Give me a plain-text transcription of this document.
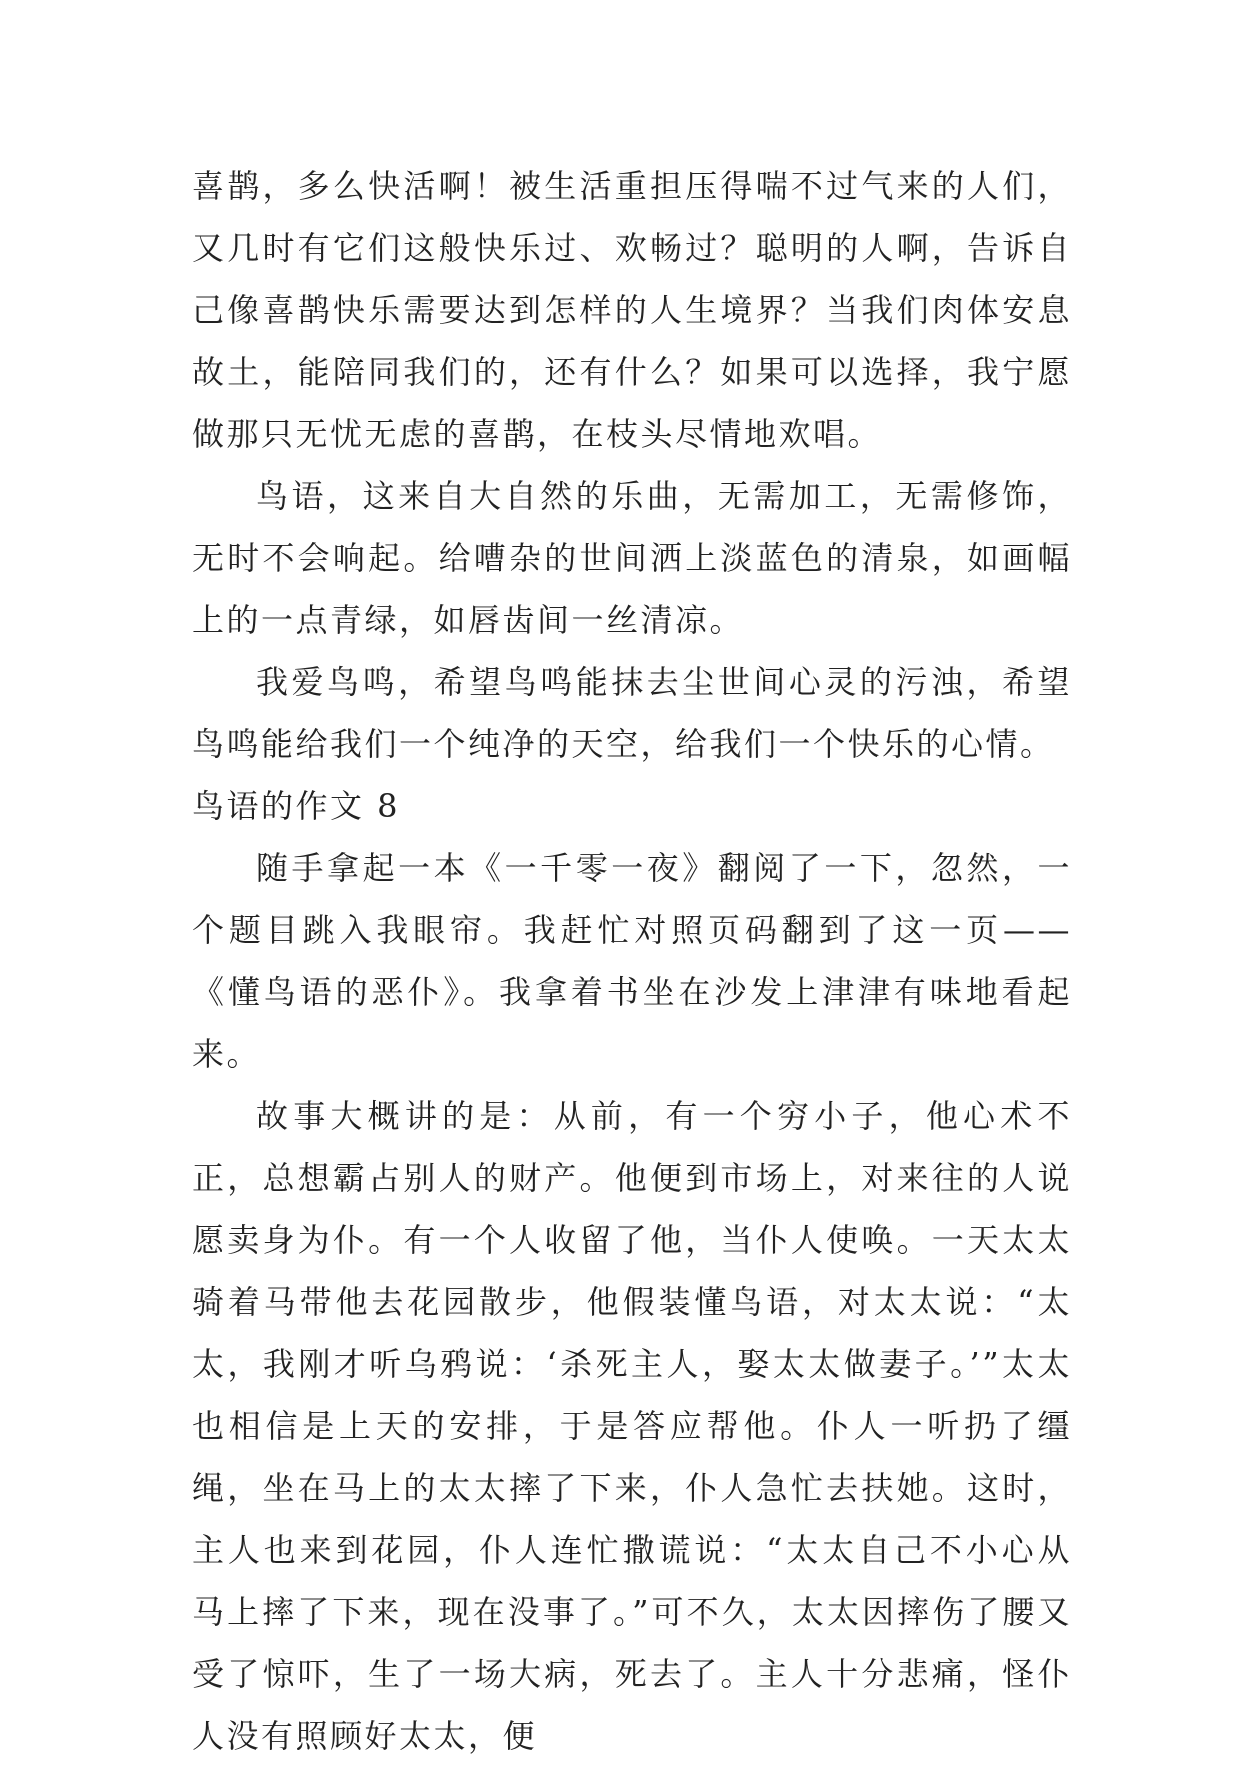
喜鹊，多么快活啊！被生活重担压得喘不过气来的人们，又几时有它们这般快乐过、欢畅过？聪明的人啊，告诉自己像喜鹊快乐需要达到怎样的人生境界？当我们肉体安息故土，能陪同我们的，还有什么？如果可以选择，我宁愿做那只无忧无虑的喜鹊，在枝头尽情地欢唱。

鸟语，这来自大自然的乐曲，无需加工，无需修饰，无时不会响起。给嘈杂的世间洒上淡蓝色的清泉，如画幅上的一点青绿，如唇齿间一丝清凉。

我爱鸟鸣，希望鸟鸣能抹去尘世间心灵的污浊，希望鸟鸣能给我们一个纯净的天空，给我们一个快乐的心情。

鸟语的作文 8

随手拿起一本《一千零一夜》翻阅了一下，忽然，一个题目跳入我眼帘。我赶忙对照页码翻到了这一页——《懂鸟语的恶仆》。我拿着书坐在沙发上津津有味地看起来。

故事大概讲的是：从前，有一个穷小子，他心术不正，总想霸占别人的财产。他便到市场上，对来往的人说愿卖身为仆。有一个人收留了他，当仆人使唤。一天太太骑着马带他去花园散步，他假装懂鸟语，对太太说：“太太，我刚才听乌鸦说：‘杀死主人，娶太太做妻子。’”太太也相信是上天的安排，于是答应帮他。仆人一听扔了缰绳，坐在马上的太太摔了下来，仆人急忙去扶她。这时，主人也来到花园，仆人连忙撒谎说：“太太自己不小心从马上摔了下来，现在没事了。”可不久，太太因摔伤了腰又受了惊吓，生了一场大病，死去了。主人十分悲痛，怪仆人没有照顾好太太，便
